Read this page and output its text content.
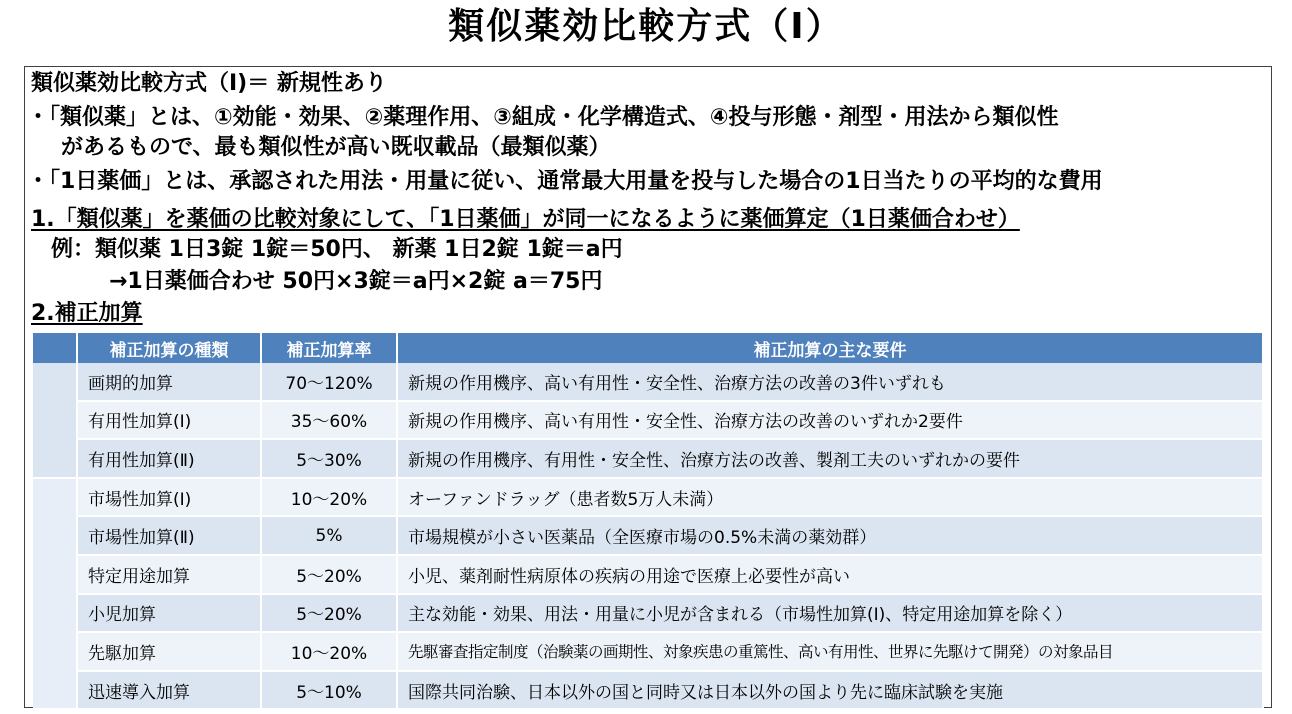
類似薬効比較方式（Ⅰ）
類似薬効比較方式（Ⅰ)＝ 新規性あり
・「類似薬」とは、①効能・効果、②薬理作用、③組成・化学構造式、④投与形態・剤型・用法から類似性
があるもので、最も類似性が高い既収載品（最類似薬）
・「1日薬価」とは、承認された用法・用量に従い、通常最大用量を投与した場合の1日当たりの平均的な費用
1.「類似薬」を薬価の比較対象にして、「1日薬価」が同一になるように薬価算定（1日薬価合わせ）
例：類似薬 1日3錠 1錠＝50円、 新薬 1日2錠 1錠＝a円
→1日薬価合わせ 50円×3錠＝a円×2錠 a＝75円
2.補正加算
	補正加算の種類	補正加算率	補正加算の主な要件
	画期的加算	70～120%	新規の作用機序、高い有用性・安全性、治療方法の改善の3件いずれも
	有用性加算(Ⅰ)	35～60%	新規の作用機序、高い有用性・安全性、治療方法の改善のいずれか2要件
	有用性加算(Ⅱ)	5～30%	新規の作用機序、有用性・安全性、治療方法の改善、製剤工夫のいずれかの要件
	市場性加算(Ⅰ)	10～20%	オーファンドラッグ（患者数5万人未満）
	市場性加算(Ⅱ)	5%	市場規模が小さい医薬品（全医療市場の0.5%未満の薬効群）
	特定用途加算	5～20%	小児、薬剤耐性病原体の疾病の用途で医療上必要性が高い
	小児加算	5～20%	主な効能・効果、用法・用量に小児が含まれる（市場性加算(Ⅰ)、特定用途加算を除く）
	先駆加算	10～20%	先駆審査指定制度（治験薬の画期性、対象疾患の重篤性、高い有用性、世界に先駆けて開発）の対象品目
	迅速導入加算	5～10%	国際共同治験、日本以外の国と同時又は日本以外の国より先に臨床試験を実施
